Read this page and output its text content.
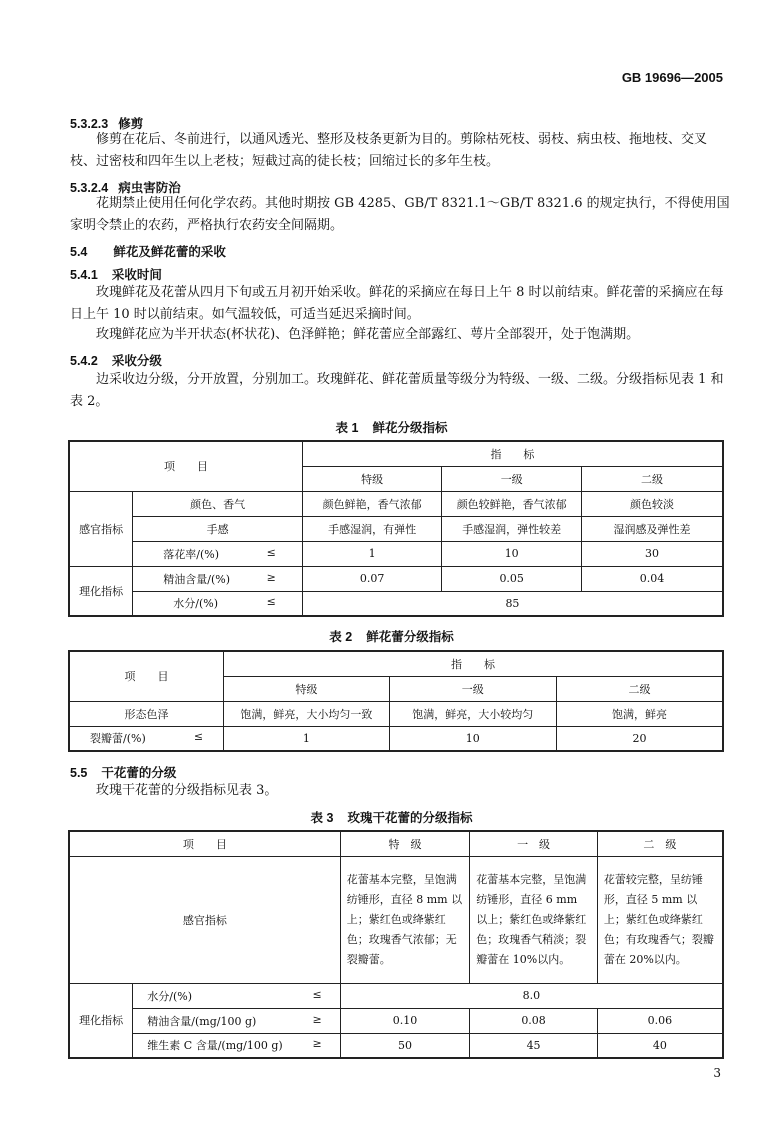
GB 19696—2005
5.3.2.3 修剪
修剪在花后、冬前进行，以通风透光、整形及枝条更新为目的。剪除枯死枝、弱枝、病虫枝、拖地枝、交叉枝、过密枝和四年生以上老枝；短截过高的徒长枝；回缩过长的多年生枝。
5.3.2.4 病虫害防治
花期禁止使用任何化学农药。其他时期按 GB 4285、GB/T 8321.1～GB/T 8321.6 的规定执行，不得使用国家明令禁止的农药，严格执行农药安全间隔期。
5.4 鲜花及鲜花蕾的采收
5.4.1 采收时间
玫瑰鲜花及花蕾从四月下旬或五月初开始采收。鲜花的采摘应在每日上午 8 时以前结束。鲜花蕾的采摘应在每日上午 10 时以前结束。如气温较低，可适当延迟采摘时间。
玫瑰鲜花应为半开状态(杯状花)、色泽鲜艳；鲜花蕾应全部露红、萼片全部裂开，处于饱满期。
5.4.2 采收分级
边采收边分级，分开放置，分别加工。玫瑰鲜花、鲜花蕾质量等级分为特级、一级、二级。分级指标见表 1 和表 2。
表 1 鲜花分级指标
项　　目		指　　标		
		特级	一级	二级
感官指标	颜色、香气	颜色鲜艳，香气浓郁	颜色较鲜艳，香气浓郁	颜色较淡
	手感	手感湿润，有弹性	手感湿润，弹性较差	湿润感及弹性差
	落花率/(%) ≤	1	10	30
理化指标	精油含量/(%) ≥	0.07	0.05	0.04
	水分/(%) ≤	85		
表 2 鲜花蕾分级指标
项　　目	指　　标		
	特级	一级	二级
形态色泽	饱满，鲜亮，大小均匀一致	饱满，鲜亮，大小较均匀	饱满，鲜亮
裂瓣蕾/(%) ≤	1	10	20
5.5 干花蕾的分级
玫瑰干花蕾的分级指标见表 3。
表 3 玫瑰干花蕾的分级指标
项　　目		特　级	一　级	二　级
感官指标		花蕾基本完整，呈饱满纺锤形，直径 8 mm 以上；紫红色或绛紫红色；玫瑰香气浓郁；无裂瓣蕾。	花蕾基本完整，呈饱满纺锤形，直径 6 mm 以上；紫红色或绛紫红色；玫瑰香气稍淡；裂瓣蕾在 10%以内。	花蕾较完整，呈纺锤形，直径 5 mm 以上；紫红色或绛紫红色；有玫瑰香气；裂瓣蕾在 20%以内。
理化指标	水分/(%) ≤	8.0		
	精油含量/(mg/100 g) ≥	0.10	0.08	0.06
	维生素 C 含量/(mg/100 g) ≥	50	45	40
3
